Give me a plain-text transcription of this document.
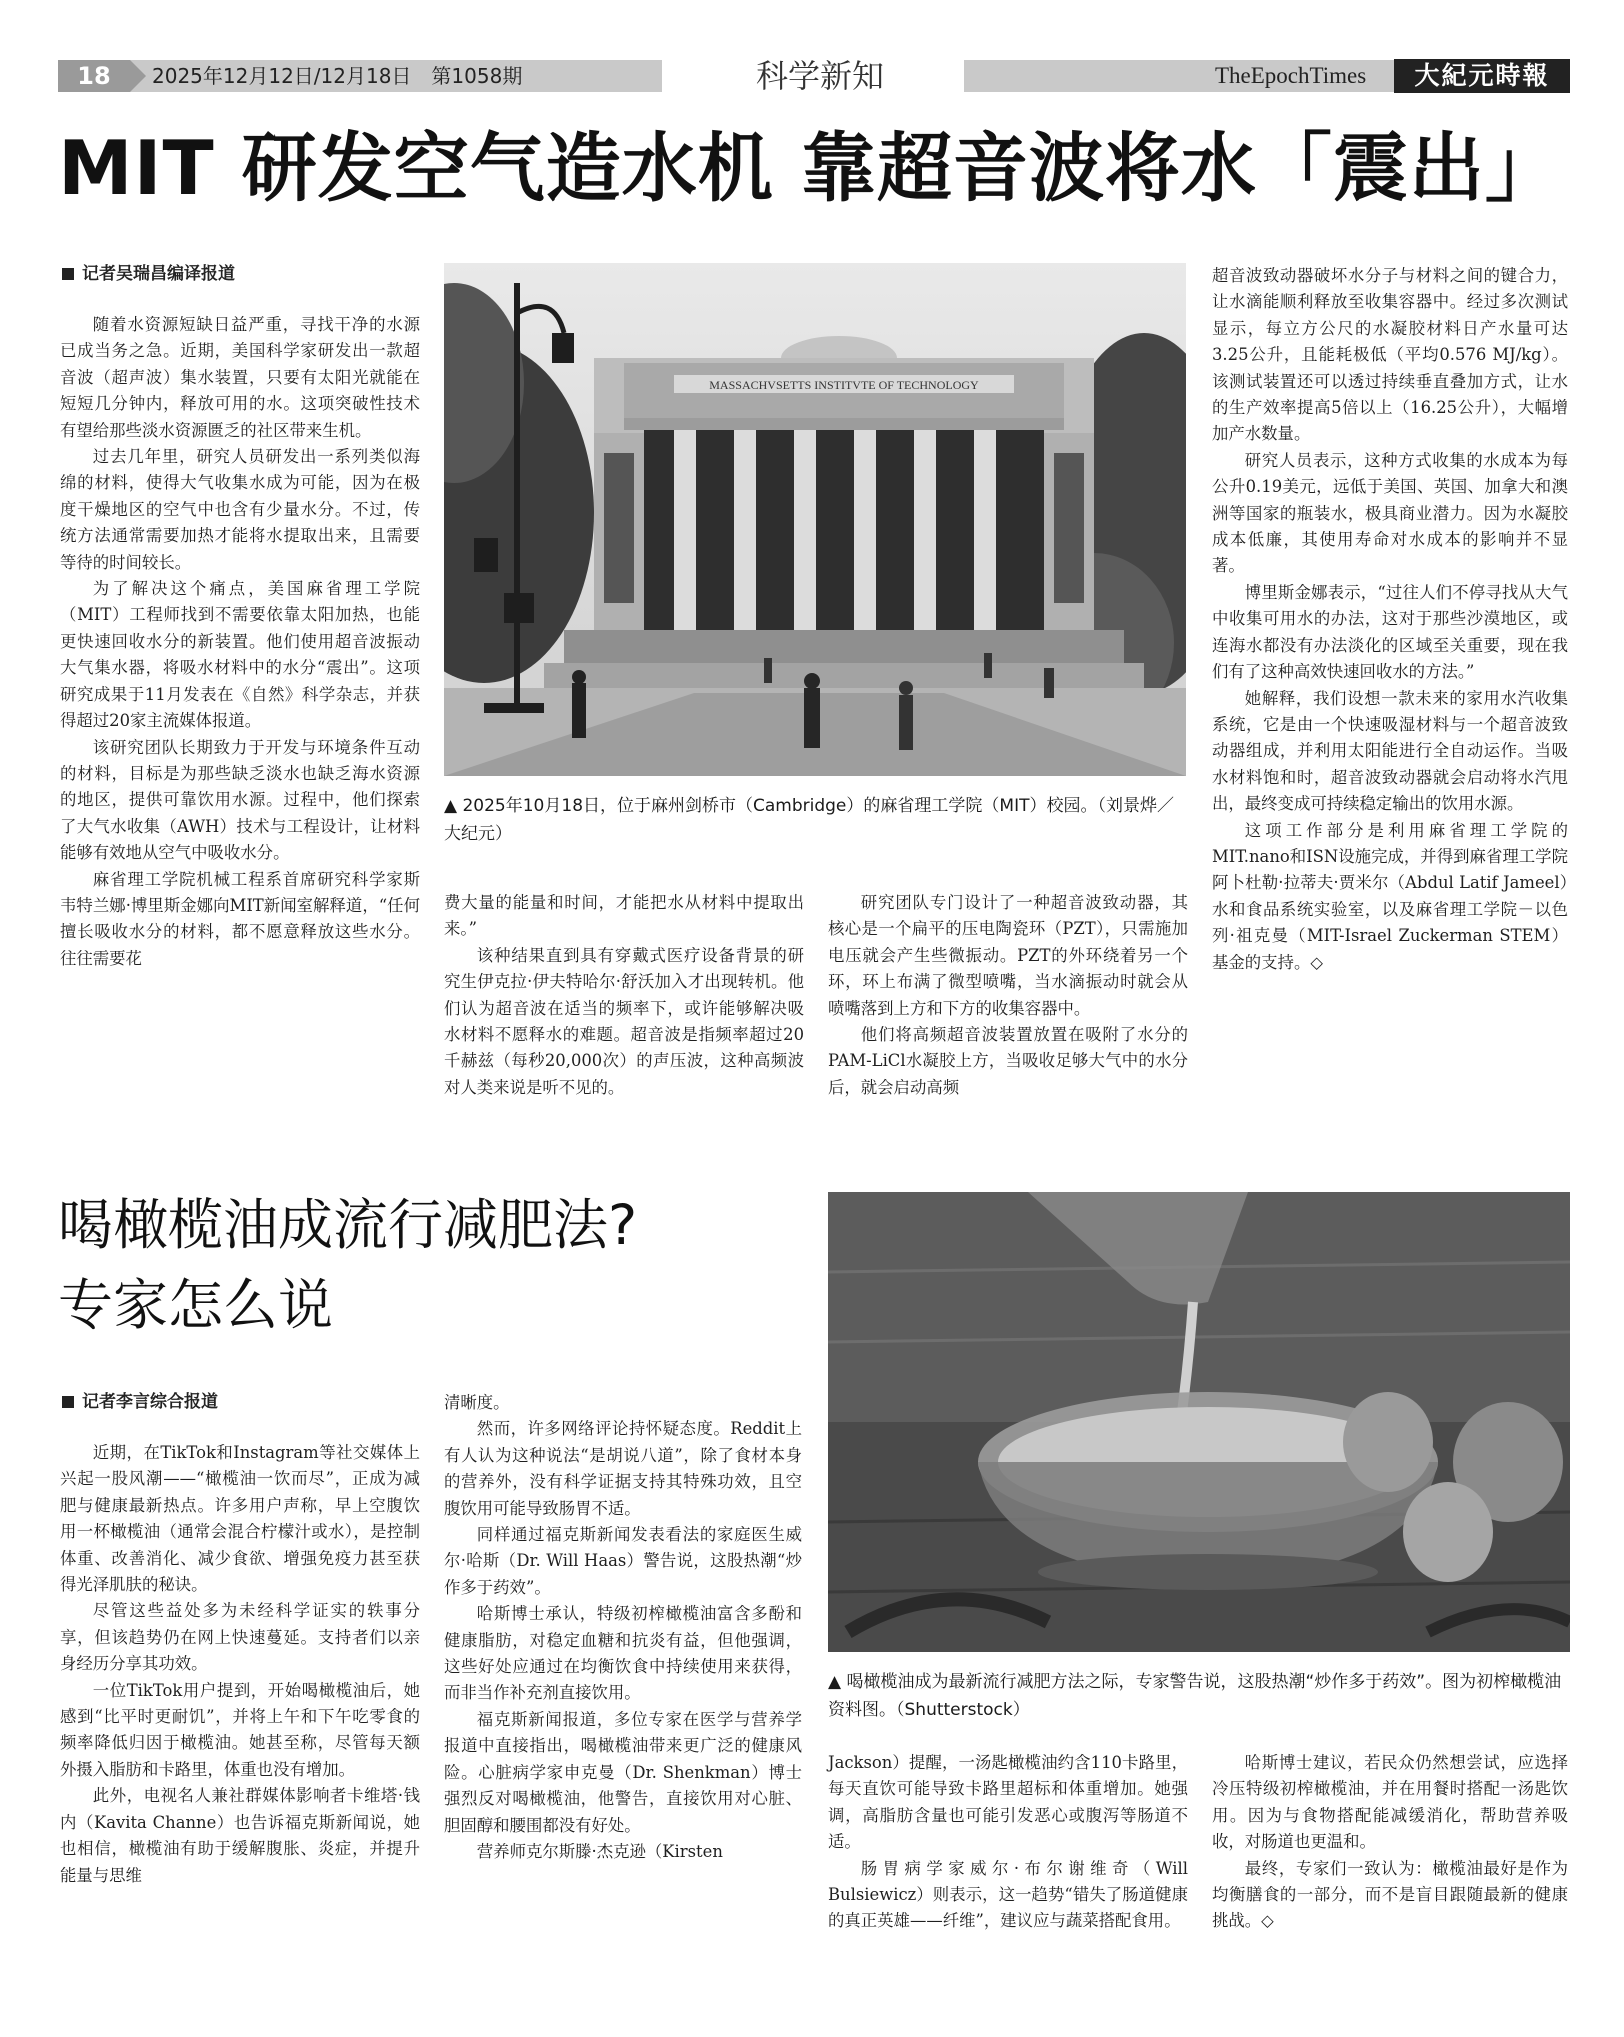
18	2025年12月12日/12月18日　第1058期	科学新知	TheEpochTimes	大紀元時報
MIT 研发空气造水机 靠超音波将水「震出」
记者吴瑞昌编译报道

随着水资源短缺日益严重，寻找干净的水源已成当务之急。近期，美国科学家研发出一款超音波（超声波）集水装置，只要有太阳光就能在短短几分钟内，释放可用的水。这项突破性技术有望给那些淡水资源匮乏的社区带来生机。

过去几年里，研究人员研发出一系列类似海绵的材料，使得大气收集水成为可能，因为在极度干燥地区的空气中也含有少量水分。不过，传统方法通常需要加热才能将水提取出来，且需要等待的时间较长。

为了解决这个痛点，美国麻省理工学院（MIT）工程师找到不需要依靠太阳加热，也能更快速回收水分的新装置。他们使用超音波振动大气集水器，将吸水材料中的水分“震出”。这项研究成果于11月发表在《自然》科学杂志，并获得超过20家主流媒体报道。

该研究团队长期致力于开发与环境条件互动的材料，目标是为那些缺乏淡水也缺乏海水资源的地区，提供可靠饮用水源。过程中，他们探索了大气水收集（AWH）技术与工程设计，让材料能够有效地从空气中吸收水分。

麻省理工学院机械工程系首席研究科学家斯韦特兰娜·博里斯金娜向MIT新闻室解释道，“任何擅长吸收水分的材料，都不愿意释放这些水分。往往需要花

MASSACHVSETTS INSTITVTE OF TECHNOLOGY
▲ 2025年10月18日，位于麻州剑桥市（Cambridge）的麻省理工学院（MIT）校园。（刘景烨／大纪元）

费大量的能量和时间，才能把水从材料中提取出来。”

该种结果直到具有穿戴式医疗设备背景的研究生伊克拉·伊夫特哈尔·舒沃加入才出现转机。他们认为超音波在适当的频率下，或许能够解决吸水材料不愿释水的难题。超音波是指频率超过20千赫兹（每秒20,000次）的声压波，这种高频波对人类来说是听不见的。

研究团队专门设计了一种超音波致动器，其核心是一个扁平的压电陶瓷环（PZT），只需施加电压就会产生些微振动。PZT的外环绕着另一个环，环上布满了微型喷嘴，当水滴振动时就会从喷嘴落到上方和下方的收集容器中。

他们将高频超音波装置放置在吸附了水分的PAM-LiCl水凝胶上方，当吸收足够大气中的水分后，就会启动高频

超音波致动器破坏水分子与材料之间的键合力，让水滴能顺利释放至收集容器中。经过多次测试显示，每立方公尺的水凝胶材料日产水量可达3.25公升，且能耗极低（平均0.576 MJ/kg）。该测试装置还可以透过持续垂直叠加方式，让水的生产效率提高5倍以上（16.25公升），大幅增加产水数量。

研究人员表示，这种方式收集的水成本为每公升0.19美元，远低于美国、英国、加拿大和澳洲等国家的瓶装水，极具商业潜力。因为水凝胶成本低廉，其使用寿命对水成本的影响并不显著。

博里斯金娜表示，“过往人们不停寻找从大气中收集可用水的办法，这对于那些沙漠地区，或连海水都没有办法淡化的区域至关重要，现在我们有了这种高效快速回收水的方法。”

她解释，我们设想一款未来的家用水汽收集系统，它是由一个快速吸湿材料与一个超音波致动器组成，并利用太阳能进行全自动运作。当吸水材料饱和时，超音波致动器就会启动将水汽甩出，最终变成可持续稳定输出的饮用水源。

这项工作部分是利用麻省理工学院的MIT.nano和ISN设施完成，并得到麻省理工学院阿卜杜勒·拉蒂夫·贾米尔（Abdul Latif Jameel）水和食品系统实验室，以及麻省理工学院－以色列·祖克曼（MIT-Israel Zuckerman STEM）基金的支持。◇

喝橄榄油成流行减肥法?
专家怎么说
记者李言综合报道

近期，在TikTok和Instagram等社交媒体上兴起一股风潮——“橄榄油一饮而尽”，正成为减肥与健康最新热点。许多用户声称，早上空腹饮用一杯橄榄油（通常会混合柠檬汁或水），是控制体重、改善消化、减少食欲、增强免疫力甚至获得光泽肌肤的秘诀。

尽管这些益处多为未经科学证实的轶事分享，但该趋势仍在网上快速蔓延。支持者们以亲身经历分享其功效。

一位TikTok用户提到，开始喝橄榄油后，她感到“比平时更耐饥”，并将上午和下午吃零食的频率降低归因于橄榄油。她甚至称，尽管每天额外摄入脂肪和卡路里，体重也没有增加。

此外，电视名人兼社群媒体影响者卡维塔·钱内（Kavita Channe）也告诉福克斯新闻说，她也相信，橄榄油有助于缓解腹胀、炎症，并提升能量与思维

清晰度。

然而，许多网络评论持怀疑态度。Reddit上有人认为这种说法“是胡说八道”，除了食材本身的营养外，没有科学证据支持其特殊功效，且空腹饮用可能导致肠胃不适。

同样通过福克斯新闻发表看法的家庭医生威尔·哈斯（Dr. Will Haas）警告说，这股热潮“炒作多于药效”。

哈斯博士承认，特级初榨橄榄油富含多酚和健康脂肪，对稳定血糖和抗炎有益，但他强调，这些好处应通过在均衡饮食中持续使用来获得，而非当作补充剂直接饮用。

福克斯新闻报道，多位专家在医学与营养学报道中直接指出，喝橄榄油带来更广泛的健康风险。心脏病学家申克曼（Dr. Shenkman）博士强烈反对喝橄榄油，他警告，直接饮用对心脏、胆固醇和腰围都没有好处。

营养师克尔斯滕·杰克逊（Kirsten

▲ 喝橄榄油成为最新流行减肥方法之际，专家警告说，这股热潮“炒作多于药效”。图为初榨橄榄油资料图。（Shutterstock）

Jackson）提醒，一汤匙橄榄油约含110卡路里，每天直饮可能导致卡路里超标和体重增加。她强调，高脂肪含量也可能引发恶心或腹泻等肠道不适。

肠胃病学家威尔·布尔谢维奇（Will Bulsiewicz）则表示，这一趋势“错失了肠道健康的真正英雄——纤维”，建议应与蔬菜搭配食用。

哈斯博士建议，若民众仍然想尝试，应选择冷压特级初榨橄榄油，并在用餐时搭配一汤匙饮用。因为与食物搭配能减缓消化，帮助营养吸收，对肠道也更温和。

最终，专家们一致认为：橄榄油最好是作为均衡膳食的一部分，而不是盲目跟随最新的健康挑战。◇
